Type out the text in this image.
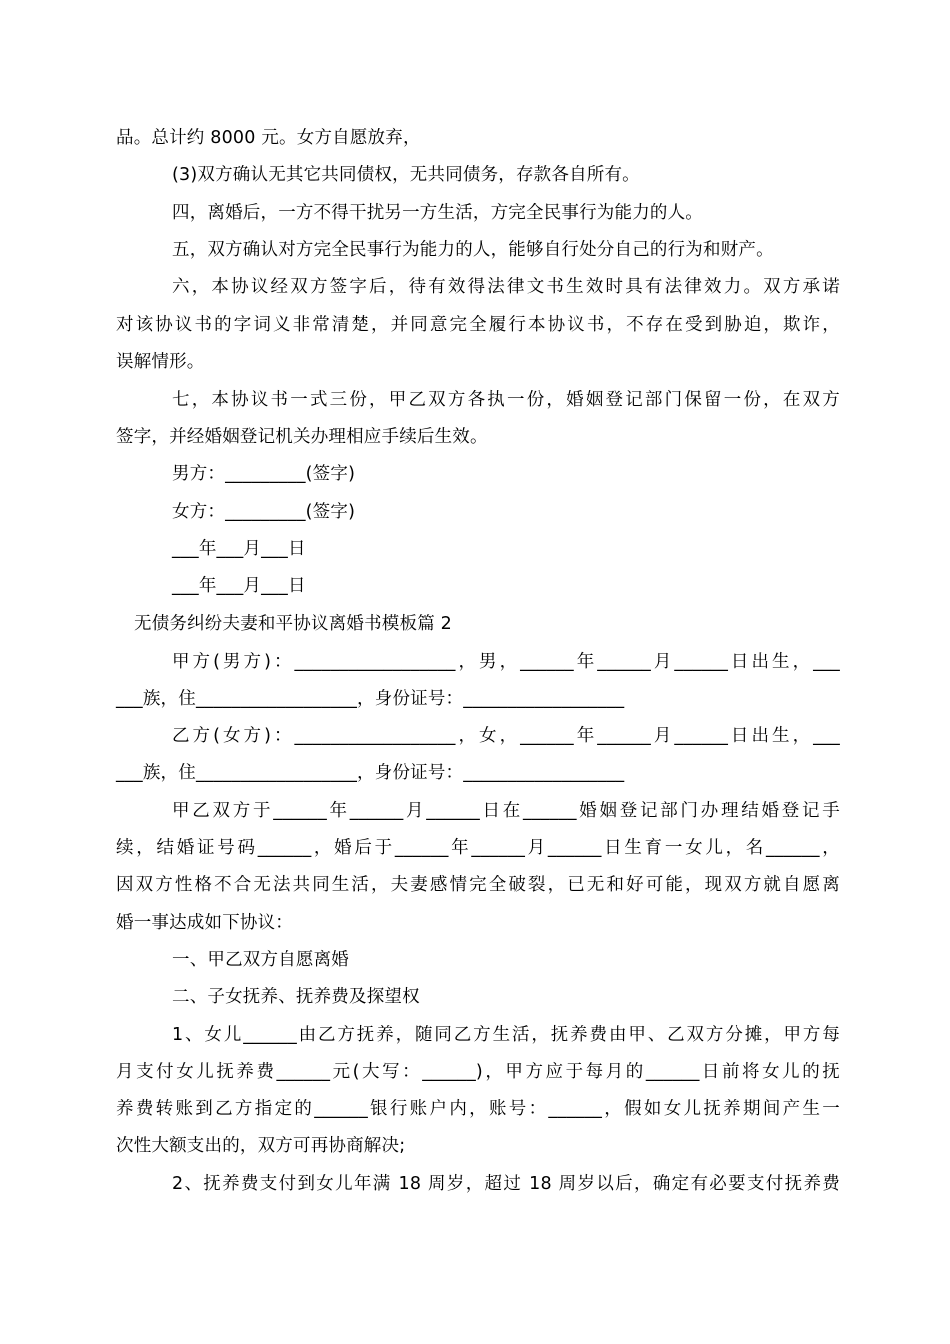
品。总计约 8000 元。女方自愿放弃，
(3)双方确认无其它共同债权，无共同债务，存款各自所有。
四，离婚后，一方不得干扰另一方生活，方完全民事行为能力的人。
五，双方确认对方完全民事行为能力的人，能够自行处分自己的行为和财产。
六，本协议经双方签字后，待有效得法律文书生效时具有法律效力。双方承诺
对该协议书的字词义非常清楚，并同意完全履行本协议书，不存在受到胁迫，欺诈，
误解情形。
七，本协议书一式三份，甲乙双方各执一份，婚姻登记部门保留一份，在双方
签字，并经婚姻登记机关办理相应手续后生效。
男方：_________(签字)
女方：_________(签字)
___年___月___日
___年___月___日
无债务纠纷夫妻和平协议离婚书模板篇 2
甲方(男方)：__________________，男，______年______月______日出生，___
___族，住__________________，身份证号：__________________
乙方(女方)：__________________，女，______年______月______日出生，___
___族，住__________________，身份证号：__________________
甲乙双方于______年______月______日在______婚姻登记部门办理结婚登记手
续，结婚证号码______，婚后于______年______月______日生育一女儿，名______，
因双方性格不合无法共同生活，夫妻感情完全破裂，已无和好可能，现双方就自愿离
婚一事达成如下协议：
一、甲乙双方自愿离婚
二、子女抚养、抚养费及探望权
1、女儿______由乙方抚养，随同乙方生活，抚养费由甲、乙双方分摊，甲方每
月支付女儿抚养费______元(大写：______)，甲方应于每月的______日前将女儿的抚
养费转账到乙方指定的______银行账户内，账号：______，假如女儿抚养期间产生一
次性大额支出的，双方可再协商解决;
2、抚养费支付到女儿年满 18 周岁，超过 18 周岁以后，确定有必要支付抚养费
